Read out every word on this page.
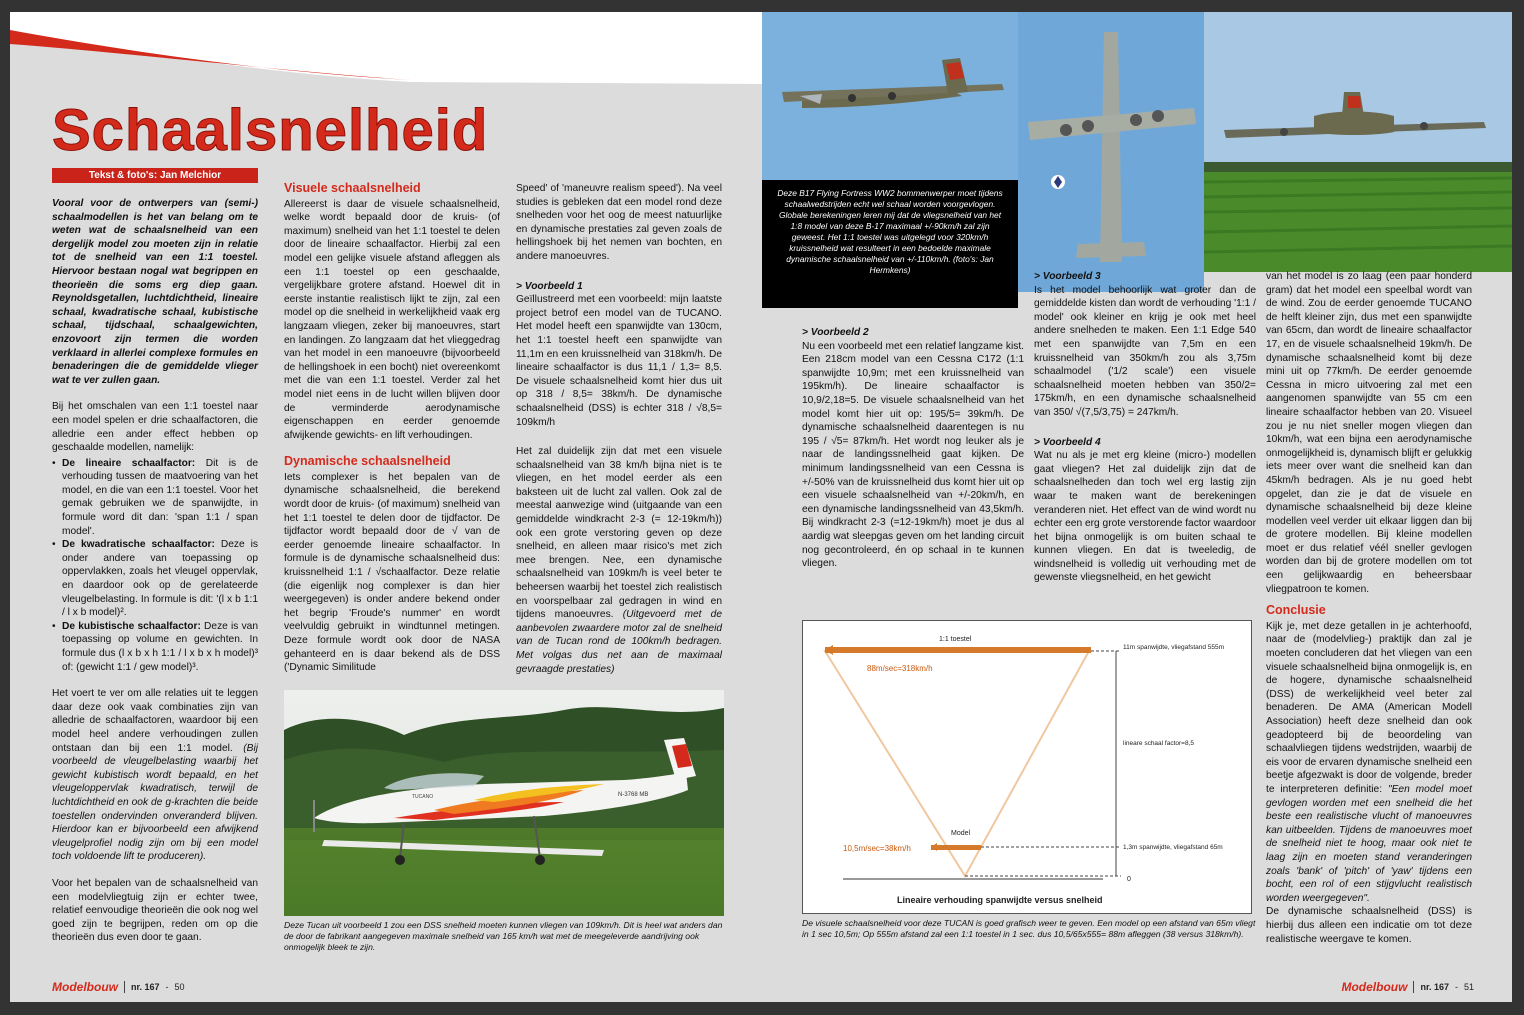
Schaalsnelheid
Tekst & foto's: Jan Melchior

Vooral voor de ontwerpers van (semi-) schaalmodellen is het van belang om te weten wat de schaalsnelheid van een dergelijk model zou moeten zijn in relatie tot de snelheid van een 1:1 toestel. Hiervoor bestaan nogal wat begrippen en theorieën die soms erg diep gaan. Reynoldsgetallen, luchtdichtheid, lineaire schaal, kwadratische schaal, kubistische schaal, tijdschaal, schaalgewichten, enzovoort zijn termen die worden verklaard in allerlei complexe formules en benaderingen die de gemiddelde vlieger wat te ver zullen gaan.

Bij het omschalen van een 1:1 toestel naar een model spelen er drie schaalfactoren, die alledrie een ander effect hebben op geschaalde modellen, namelijk:

• De lineaire schaalfactor: Dit is de verhouding tussen de maatvoering van het model, en die van een 1:1 toestel. Voor het gemak gebruiken we de spanwijdte, in formule word dit dan: 'span 1:1 / span model'.
• De kwadratische schaalfactor: Deze is onder andere van toepassing op oppervlakken, zoals het vleugel oppervlak, en daardoor ook op de gerelateerde vleugelbelasting. In formule is dit: '(l x b 1:1 / l x b model)².
• De kubistische schaalfactor: Deze is van toepassing op volume en gewichten. In formule dus (l x b x h 1:1 / l x b x h model)³ of: (gewicht 1:1 / gew model)³.

Het voert te ver om alle relaties uit te leggen daar deze ook vaak combinaties zijn van alledrie de schaalfactoren, waardoor bij een model heel andere verhoudingen zullen ontstaan dan bij een 1:1 model. (Bij voorbeeld de vleugelbelasting waarbij het gewicht kubistisch wordt bepaald, en het vleugeloppervlak kwadratisch, terwijl de luchtdichtheid en ook de g-krachten die beide toestellen ondervinden onveranderd blijven. Hierdoor kan er bijvoorbeeld een afwijkend vleugelprofiel nodig zijn om bij een model toch voldoende lift te produceren).

Voor het bepalen van de schaalsnelheid van een modelvliegtuig zijn er echter twee, relatief eenvoudige theorieën die ook nog wel goed zijn te begrijpen, reden om op die theorieën dus even door te gaan.

Visuele schaalsnelheid

Allereerst is daar de visuele schaalsnelheid, welke wordt bepaald door de kruis- (of maximum) snelheid van het 1:1 toestel te delen door de lineaire schaalfactor. Hierbij zal een model een gelijke visuele afstand afleggen als een 1:1 toestel op een geschaalde, vergelijkbare grotere afstand. Hoewel dit in eerste instantie realistisch lijkt te zijn, zal een model op die snelheid in werkelijkheid vaak erg langzaam vliegen, zeker bij manoeuvres, start en landingen. Zo langzaam dat het vlieggedrag van het model in een manoeuvre (bijvoorbeeld de hellingshoek in een bocht) niet overeenkomt met die van een 1:1 toestel. Verder zal het model niet eens in de lucht willen blijven door de verminderde aerodynamische eigenschappen en eerder genoemde afwijkende gewichts- en lift verhoudingen.

Dynamische schaalsnelheid

Iets complexer is het bepalen van de dynamische schaalsnelheid, die berekend wordt door de kruis- (of maximum) snelheid van het 1:1 toestel te delen door de tijdfactor. De tijdfactor wordt bepaald door de √ van de eerder genoemde lineaire schaalfactor. In formule is de dynamische schaalsnelheid dus: kruissnelheid 1:1 / √schaalfactor. Deze relatie (die eigenlijk nog complexer is dan hier weergegeven) is onder andere bekend onder het begrip 'Froude's nummer' en wordt veelvuldig gebruikt in windtunnel metingen. Deze formule wordt ook door de NASA gehanteerd en is daar bekend als de DSS ('Dynamic Similitude

Speed' of 'maneuvre realism speed'). Na veel studies is gebleken dat een model rond deze snelheden voor het oog de meest natuurlijke en dynamische prestaties zal geven zoals de hellingshoek bij het nemen van bochten, en andere manoeuvres.

> Voorbeeld 1

Geïllustreerd met een voorbeeld: mijn laatste project betrof een model van de TUCANO. Het model heeft een spanwijdte van 130cm, het 1:1 toestel heeft een spanwijdte van 11,1m en een kruissnelheid van 318km/h. De lineaire schaalfactor is dus 11,1 / 1,3= 8,5. De visuele schaalsnelheid komt hier dus uit op 318 / 8,5= 38km/h. De dynamische schaalsnelheid (DSS) is echter 318 / √8,5= 109km/h

Het zal duidelijk zijn dat met een visuele schaalsnelheid van 38 km/h bijna niet is te vliegen, en het model eerder als een baksteen uit de lucht zal vallen. Ook zal de meestal aanwezige wind (uitgaande van een gemiddelde windkracht 2-3 (= 12-19km/h)) ook een grote verstoring geven op deze snelheid, en alleen maar risico's met zich mee brengen. Nee, een dynamische schaalsnelheid van 109km/h is veel beter te beheersen waarbij het toestel zich realistisch en voorspelbaar zal gedragen in wind en tijdens manoeuvres. (Uitgevoerd met de aanbevolen zwaardere motor zal de snelheid van de Tucan rond de 100km/h bedragen. Met volgas dus net aan de maximaal gevraagde prestaties)

N-3768 MB
TUCANO
Deze Tucan uit voorbeeld 1 zou een DSS snelheid moeten kunnen vliegen van 109km/h. Dit is heel wat anders dan de door de fabrikant aangegeven maximale snelheid van 165 km/h wat met de meegeleverde aandrijving ook onmogelijk bleek te zijn.
Modelbouw nr. 167 - 50
Deze B17 Flying Fortress WW2 bommenwerper moet tijdens schaalwedstrijden echt wel schaal worden voorgevlogen. Globale berekeningen leren mij dat de vliegsnelheid van het 1:8 model van deze B-17 maximaal +/-90km/h zal zijn geweest. Het 1:1 toestel was uitgelegd voor 320km/h kruissnelheid wat resulteert in een bedoelde maximale dynamische schaalsnelheid van +/-110km/h. (foto's: Jan Hermkens)
> Voorbeeld 2

Nu een voorbeeld met een relatief langzame kist. Een 218cm model van een Cessna C172 (1:1 spanwijdte 10,9m; met een kruissnelheid van 195km/h). De lineaire schaalfactor is 10,9/2,18=5. De visuele schaalsnelheid van het model komt hier uit op: 195/5= 39km/h. De dynamische schaalsnelheid daarentegen is nu 195 / √5= 87km/h. Het wordt nog leuker als je naar de landingssnelheid gaat kijken. De minimum landingssnelheid van een Cessna is +/-50% van de kruissnelheid dus komt hier uit op een visuele schaalsnelheid van +/-20km/h, en een dynamische landingssnelheid van 43,5km/h. Bij windkracht 2-3 (=12-19km/h) moet je dus al aardig wat sleepgas geven om het landing circuit nog gecontroleerd, én op schaal in te kunnen vliegen.

> Voorbeeld 3

Is het model behoorlijk wat groter dan de gemiddelde kisten dan wordt de verhouding '1:1 / model' ook kleiner en krijg je ook met heel andere snelheden te maken. Een 1:1 Edge 540 met een spanwijdte van 7,5m en een kruissnelheid van 350km/h zou als 3,75m schaalmodel ('1/2 scale') een visuele schaalsnelheid moeten hebben van 350/2= 175km/h, en een dynamische schaalsnelheid van 350/ √(7,5/3,75) = 247km/h.

> Voorbeeld 4

Wat nu als je met erg kleine (micro-) modellen gaat vliegen? Het zal duidelijk zijn dat de schaalsnelheden dan toch wel erg lastig zijn waar te maken want de berekeningen veranderen niet. Het effect van de wind wordt nu echter een erg grote verstorende factor waardoor het bijna onmogelijk is om buiten schaal te kunnen vliegen. En dat is tweeledig, de windsnelheid is volledig uit verhouding met de gewenste vliegsnelheid, en het gewicht

van het model is zo laag (een paar honderd gram) dat het model een speelbal wordt van de wind. Zou de eerder genoemde TUCANO de helft kleiner zijn, dus met een spanwijdte van 65cm, dan wordt de lineaire schaalfactor 17, en de visuele schaalsnelheid 19km/h. De dynamische schaalsnelheid komt bij deze mini uit op 77km/h. De eerder genoemde Cessna in micro uitvoering zal met een aangenomen spanwijdte van 55 cm een lineaire schaalfactor hebben van 20. Visueel zou je nu niet sneller mogen vliegen dan 10km/h, wat een bijna een aerodynamische onmogelijkheid is, dynamisch blijft er gelukkig iets meer over want die snelheid kan dan 45km/h bedragen. Als je nu goed hebt opgelet, dan zie je dat de visuele en dynamische schaalsnelheid bij deze kleine modellen veel verder uit elkaar liggen dan bij de grotere modellen. Bij kleine modellen moet er dus relatief véél sneller gevlogen worden dan bij de grotere modellen om tot een gelijkwaardig en beheersbaar vliegpatroon te komen.

Conclusie

Kijk je, met deze getallen in je achterhoofd, naar de (modelvlieg-) praktijk dan zal je moeten concluderen dat het vliegen van een visuele schaalsnelheid bijna onmogelijk is, en de hogere, dynamische schaalsnelheid (DSS) de werkelijkheid veel beter zal benaderen. De AMA (American Modell Association) heeft deze snelheid dan ook geadopteerd bij de beoordeling van schaalvliegen tijdens wedstrijden, waarbij de eis voor de ervaren dynamische snelheid een beetje afgezwakt is door de volgende, breder te interpreteren definitie: "Een model moet gevlogen worden met een snelheid die het beste een realistische vlucht of manoeuvres kan uitbeelden. Tijdens de manoeuvres moet de snelheid niet te hoog, maar ook niet te laag zijn en moeten stand veranderingen zoals 'bank' of 'pitch' of 'yaw' tijdens een bocht, een rol of een stijgvlucht realistisch worden weergegeven".

De dynamische schaalsnelheid (DSS) is hierbij dus alleen een indicatie om tot deze realistische weergave te komen.

1:1 toestel
88m/sec=318km/h
11m spanwijdte, vliegafstand 555m
lineare schaal factor=8,5
Model
10,5m/sec=38km/h	1,3m spanwijdte, vliegafstand 65m
0
Lineaire verhouding spanwijdte versus snelheid
De visuele schaalsnelheid voor deze TUCAN is goed grafisch weer te geven. Een model op een afstand van 65m vliegt in 1 sec 10,5m; Op 555m afstand zal een 1:1 toestel in 1 sec. dus 10,5/65x555= 88m afleggen (38 versus 318km/h).
Modelbouw nr. 167 - 51
